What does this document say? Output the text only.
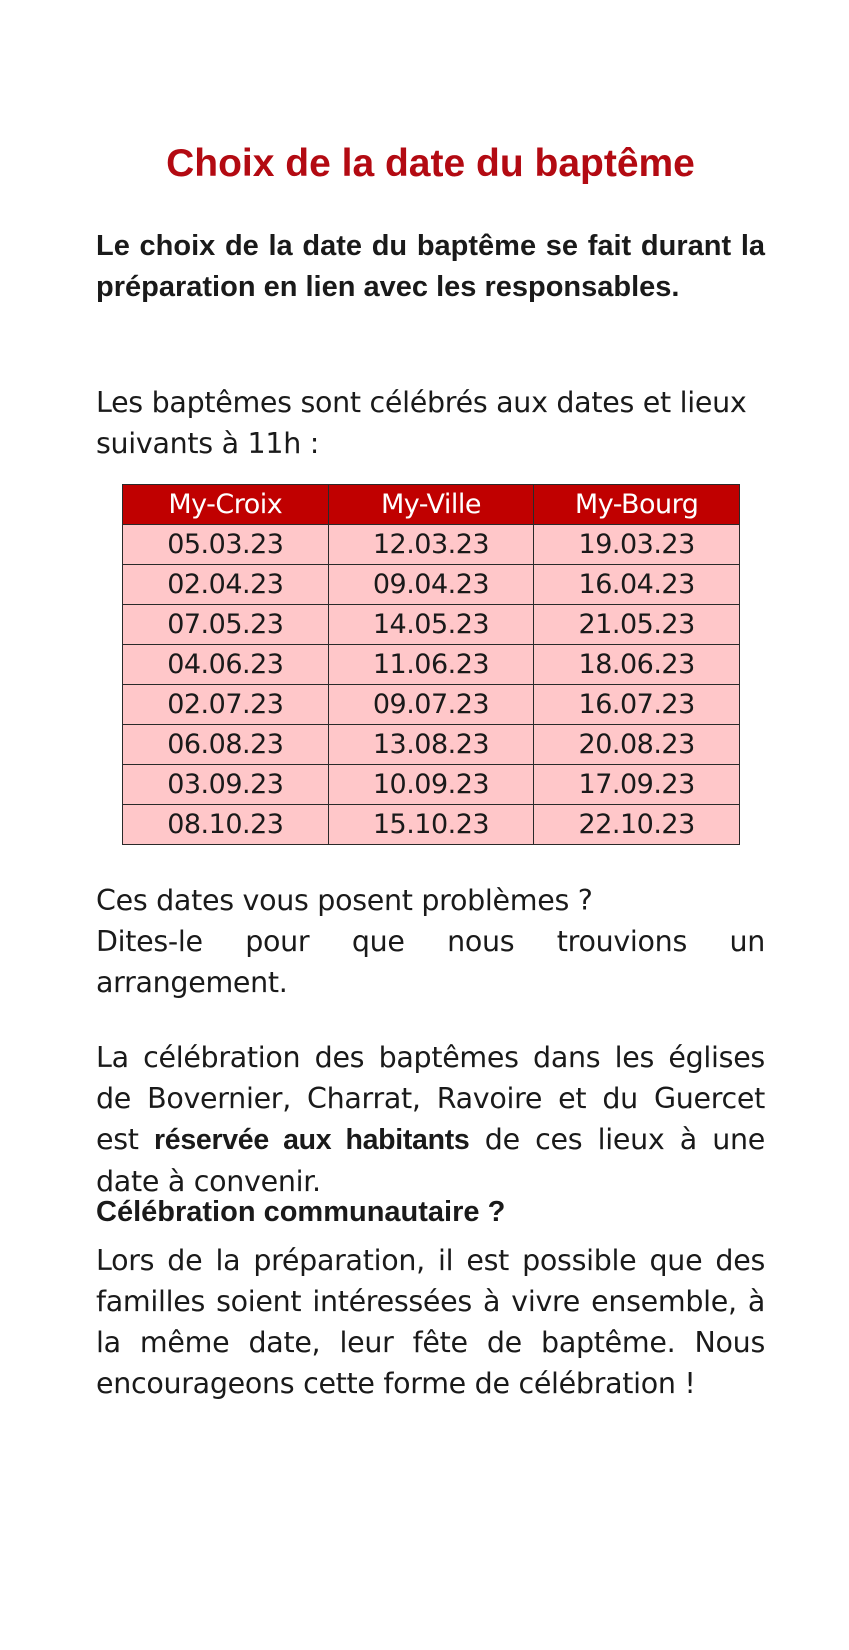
Choix de la date du baptême

Le choix de la date du baptême se fait durant la préparation en lien avec les responsables.

Les baptêmes sont célébrés aux dates et lieux suivants à 11h :

My-Croix	My-Ville	My-Bourg
05.03.23	12.03.23	19.03.23
02.04.23	09.04.23	16.04.23
07.05.23	14.05.23	21.05.23
04.06.23	11.06.23	18.06.23
02.07.23	09.07.23	16.07.23
06.08.23	13.08.23	20.08.23
03.09.23	10.09.23	17.09.23
08.10.23	15.10.23	22.10.23

Ces dates vous posent problèmes ?
Dites-le pour que nous trouvions un arrangement.

La célébration des baptêmes dans les églises de Bovernier, Charrat, Ravoire et du Guercet est réservée aux habitants de ces lieux à une date à convenir.

Célébration communautaire ?

Lors de la préparation, il est possible que des familles soient intéressées à vivre ensemble, à la même date, leur fête de baptême. Nous encourageons cette forme de célébration !
